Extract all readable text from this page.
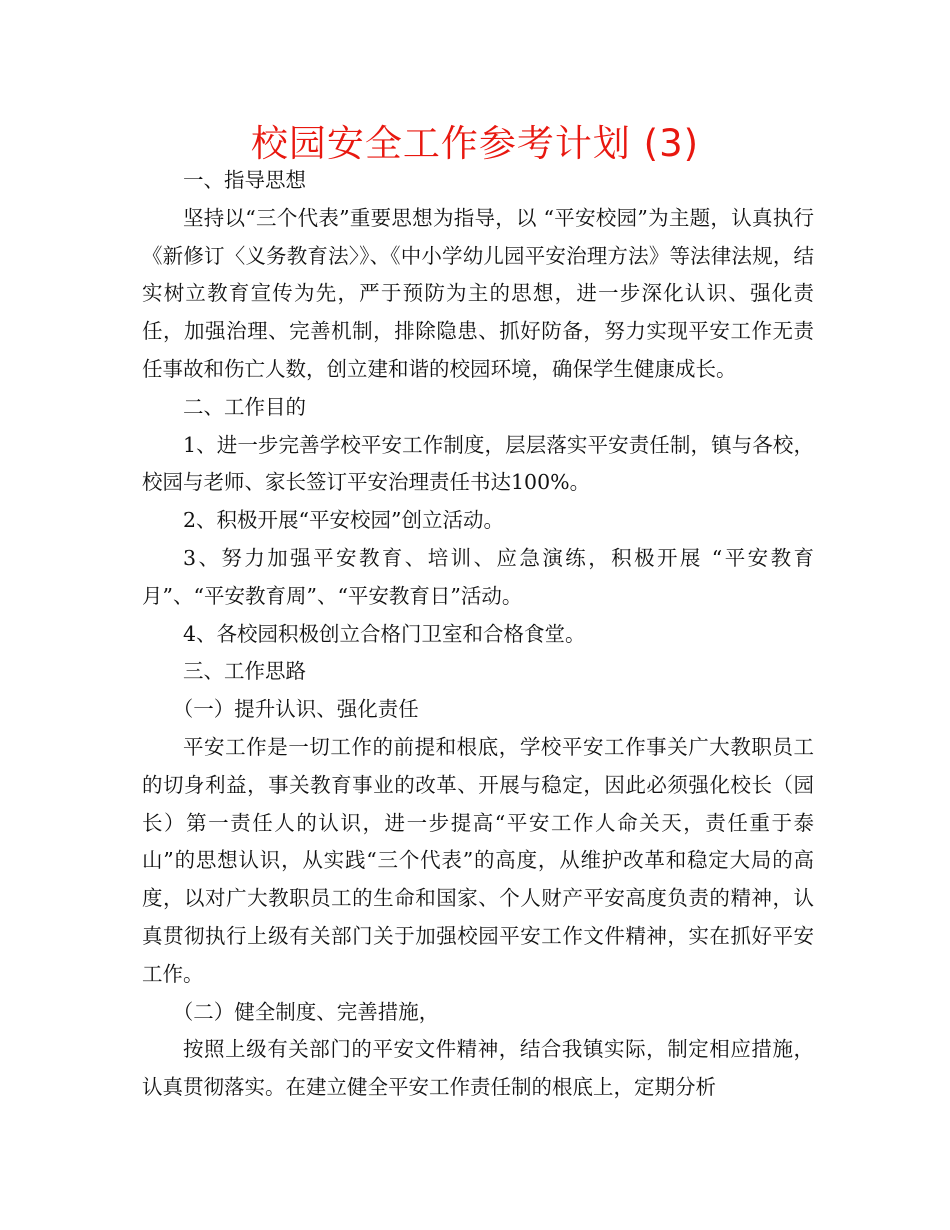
校园安全工作参考计划 (3)

一、指导思想

坚持以“三个代表”重要思想为指导，以 “平安校园”为主题，认真执行《新修订〈义务教育法〉》、《中小学幼儿园平安治理方法》等法律法规，结实树立教育宣传为先，严于预防为主的思想，进一步深化认识、强化责任，加强治理、完善机制，排除隐患、抓好防备，努力实现平安工作无责任事故和伤亡人数，创立建和谐的校园环境，确保学生健康成长。

二、工作目的

1、进一步完善学校平安工作制度，层层落实平安责任制，镇与各校，校园与老师、家长签订平安治理责任书达100%。

2、积极开展“平安校园”创立活动。

3、努力加强平安教育、培训、应急演练，积极开展 “平安教育月”、“平安教育周”、“平安教育日”活动。

4、各校园积极创立合格门卫室和合格食堂。

三、工作思路

（一）提升认识、强化责任

平安工作是一切工作的前提和根底，学校平安工作事关广大教职员工的切身利益，事关教育事业的改革、开展与稳定，因此必须强化校长（园长）第一责任人的认识，进一步提高“平安工作人命关天，责任重于泰山”的思想认识，从实践“三个代表”的高度，从维护改革和稳定大局的高度，以对广大教职员工的生命和国家、个人财产平安高度负责的精神，认真贯彻执行上级有关部门关于加强校园平安工作文件精神，实在抓好平安工作。

（二）健全制度、完善措施，

按照上级有关部门的平安文件精神，结合我镇实际，制定相应措施，认真贯彻落实。在建立健全平安工作责任制的根底上，定期分析
